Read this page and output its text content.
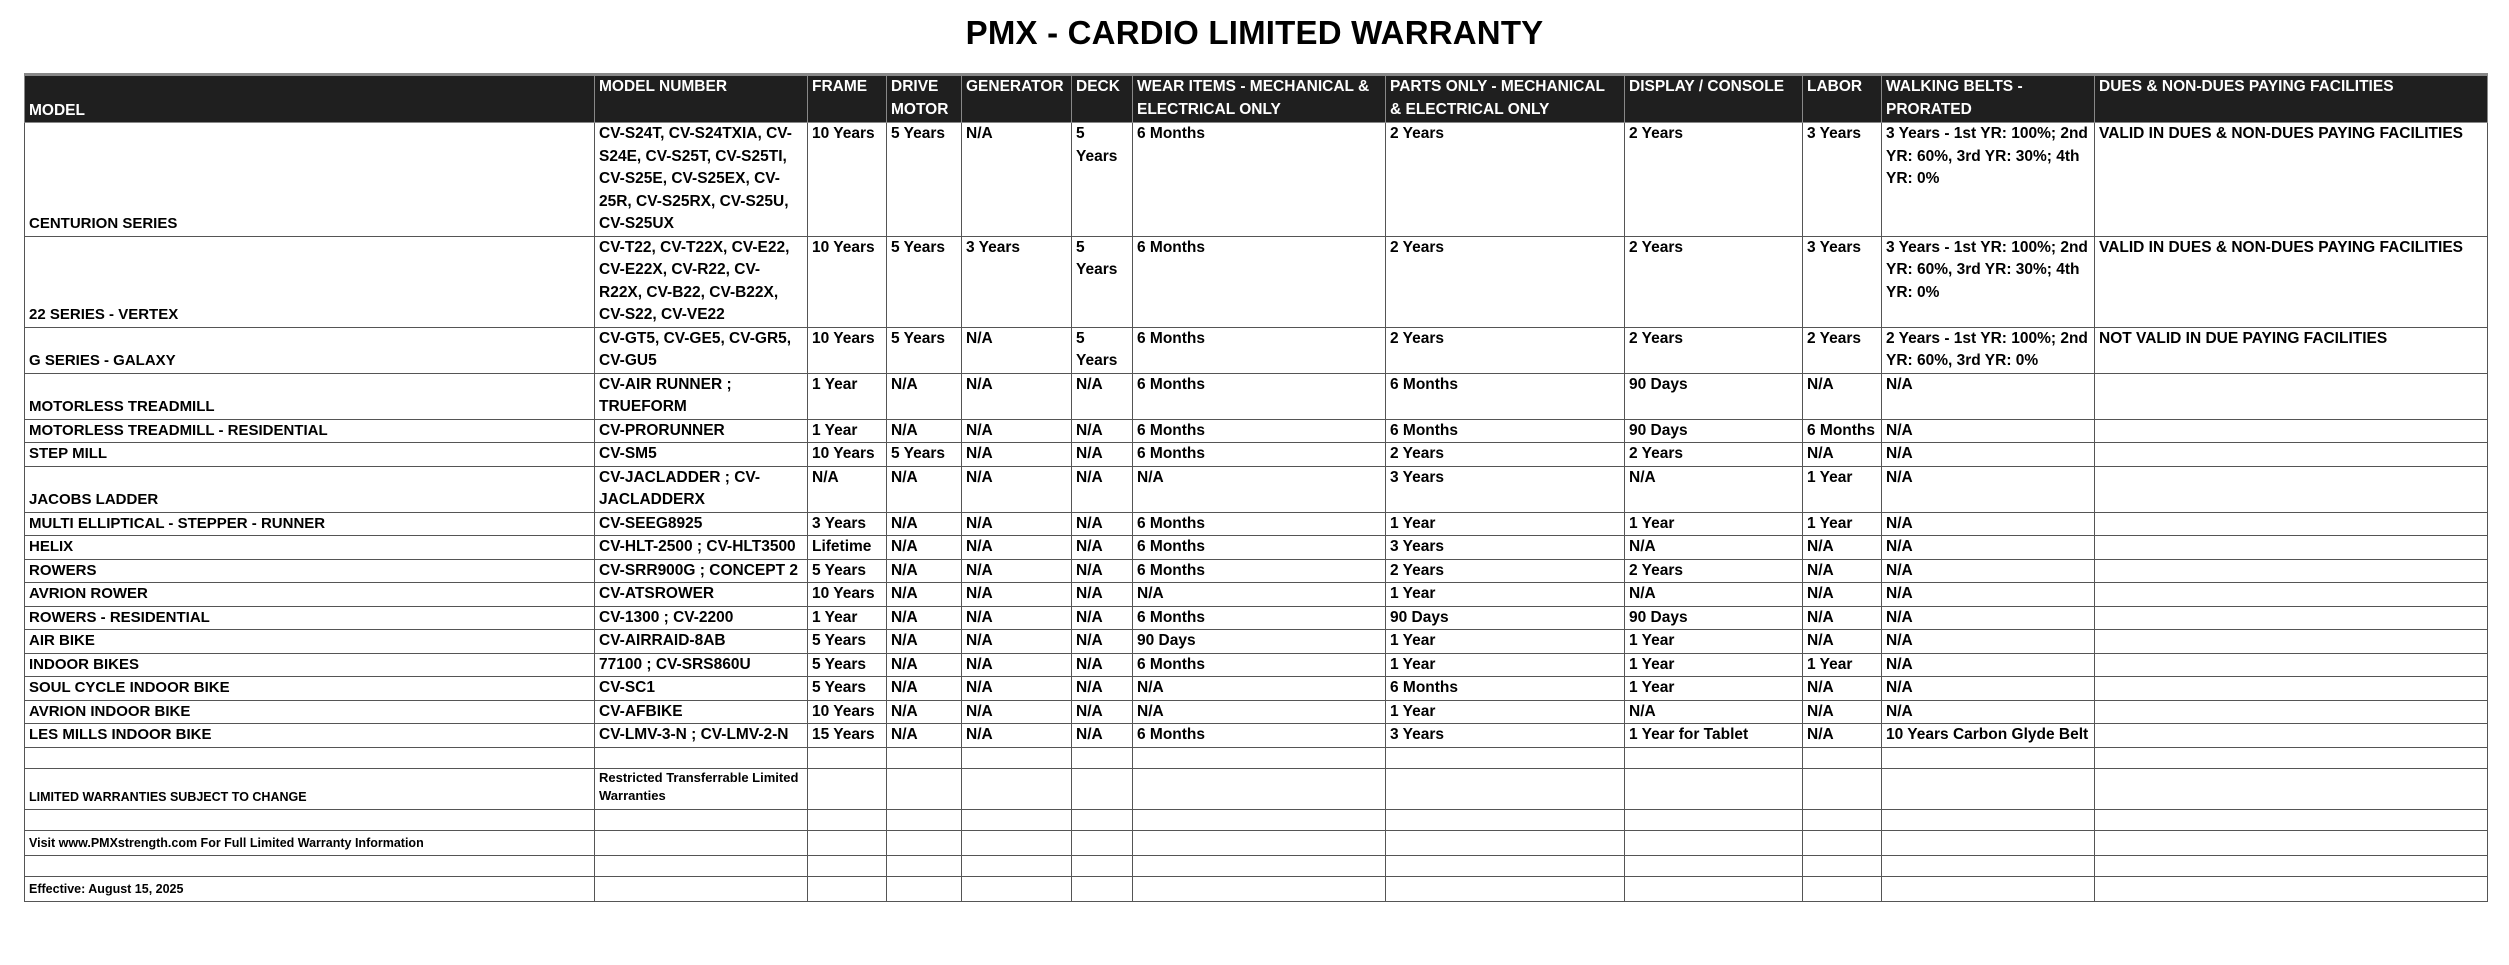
PMX - CARDIO LIMITED WARRANTY
MODEL	MODEL NUMBER	FRAME	DRIVE MOTOR	GENERATOR	DECK	WEAR ITEMS - MECHANICAL & ELECTRICAL ONLY	PARTS ONLY - MECHANICAL & ELECTRICAL ONLY	DISPLAY / CONSOLE	LABOR	WALKING BELTS - PRORATED	DUES & NON-DUES PAYING FACILITIES
CENTURION SERIES	CV-S24T, CV-S24TXIA, CV-S24E, CV-S25T, CV-S25TI, CV-S25E, CV-S25EX, CV-25R, CV-S25RX, CV-S25U, CV-S25UX	10 Years	5 Years	N/A	5 Years	6 Months	2 Years	2 Years	3 Years	3 Years - 1st YR: 100%; 2nd YR: 60%, 3rd YR: 30%; 4th YR: 0%	VALID IN DUES & NON-DUES PAYING FACILITIES
22 SERIES - VERTEX	CV-T22, CV-T22X, CV-E22, CV-E22X, CV-R22, CV-R22X, CV-B22, CV-B22X, CV-S22, CV-VE22	10 Years	5 Years	3 Years	5 Years	6 Months	2 Years	2 Years	3 Years	3 Years - 1st YR: 100%; 2nd YR: 60%, 3rd YR: 30%; 4th YR: 0%	VALID IN DUES & NON-DUES PAYING FACILITIES
G SERIES - GALAXY	CV-GT5, CV-GE5, CV-GR5, CV-GU5	10 Years	5 Years	N/A	5 Years	6 Months	2 Years	2 Years	2 Years	2 Years - 1st YR: 100%; 2nd YR: 60%, 3rd YR: 0%	NOT VALID IN DUE PAYING FACILITIES
MOTORLESS TREADMILL	CV-AIR RUNNER ; TRUEFORM	1 Year	N/A	N/A	N/A	6 Months	6 Months	90 Days	N/A	N/A	
MOTORLESS TREADMILL - RESIDENTIAL	CV-PRORUNNER	1 Year	N/A	N/A	N/A	6 Months	6 Months	90 Days	6 Months	N/A	
STEP MILL	CV-SM5	10 Years	5 Years	N/A	N/A	6 Months	2 Years	2 Years	N/A	N/A	
JACOBS LADDER	CV-JACLADDER ; CV-JACLADDERX	N/A	N/A	N/A	N/A	N/A	3 Years	N/A	1 Year	N/A	
MULTI ELLIPTICAL - STEPPER - RUNNER	CV-SEEG8925	3 Years	N/A	N/A	N/A	6 Months	1 Year	1 Year	1 Year	N/A	
HELIX	CV-HLT-2500 ; CV-HLT3500	Lifetime	N/A	N/A	N/A	6 Months	3 Years	N/A	N/A	N/A	
ROWERS	CV-SRR900G ; CONCEPT 2	5 Years	N/A	N/A	N/A	6 Months	2 Years	2 Years	N/A	N/A	
AVRION ROWER	CV-ATSROWER	10 Years	N/A	N/A	N/A	N/A	1 Year	N/A	N/A	N/A	
ROWERS - RESIDENTIAL	CV-1300 ; CV-2200	1 Year	N/A	N/A	N/A	6 Months	90 Days	90 Days	N/A	N/A	
AIR BIKE	CV-AIRRAID-8AB	5 Years	N/A	N/A	N/A	90 Days	1 Year	1 Year	N/A	N/A	
INDOOR BIKES	77100 ; CV-SRS860U	5 Years	N/A	N/A	N/A	6 Months	1 Year	1 Year	1 Year	N/A	
SOUL CYCLE INDOOR BIKE	CV-SC1	5 Years	N/A	N/A	N/A	N/A	6 Months	1 Year	N/A	N/A	
AVRION INDOOR BIKE	CV-AFBIKE	10 Years	N/A	N/A	N/A	N/A	1 Year	N/A	N/A	N/A	
LES MILLS INDOOR BIKE	CV-LMV-3-N ; CV-LMV-2-N	15 Years	N/A	N/A	N/A	6 Months	3 Years	1 Year for Tablet	N/A	10 Years Carbon Glyde Belt	

LIMITED WARRANTIES SUBJECT TO CHANGE	Restricted Transferrable Limited Warranties										

Visit www.PMXstrength.com For Full Limited Warranty Information											

Effective: August 15, 2025											
